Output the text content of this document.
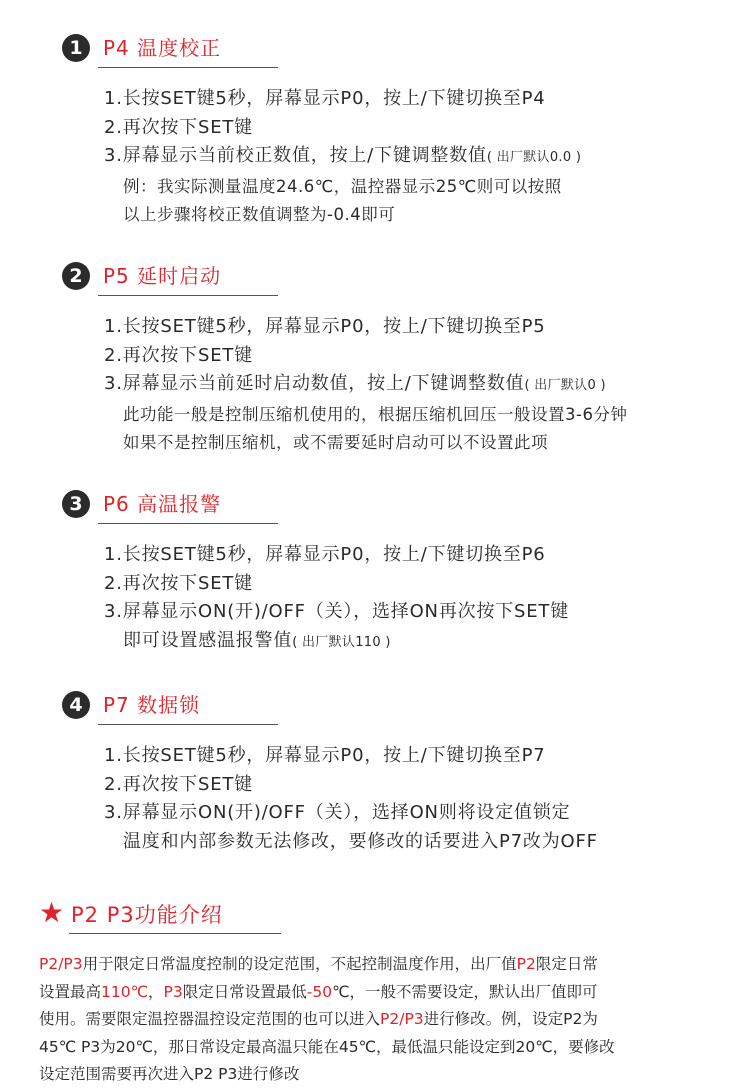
1	P4 温度校正
1.长按SET键5秒，屏幕显示P0，按上/下键切换至P4
2.再次按下SET键
3.屏幕显示当前校正数值，按上/下键调整数值( 出厂默认0.0 )
例：我实际测量温度24.6℃，温控器显示25℃则可以按照
以上步骤将校正数值调整为-0.4即可
2	P5 延时启动
1.长按SET键5秒，屏幕显示P0，按上/下键切换至P5
2.再次按下SET键
3.屏幕显示当前延时启动数值，按上/下键调整数值( 出厂默认0 )
此功能一般是控制压缩机使用的，根据压缩机回压一般设置3-6分钟
如果不是控制压缩机，或不需要延时启动可以不设置此项
3	P6 高温报警
1.长按SET键5秒，屏幕显示P0，按上/下键切换至P6
2.再次按下SET键
3.屏幕显示ON(开)/OFF（关），选择ON再次按下SET键
即可设置感温报警值( 出厂默认110 )
4	P7 数据锁
1.长按SET键5秒，屏幕显示P0，按上/下键切换至P7
2.再次按下SET键
3.屏幕显示ON(开)/OFF（关），选择ON则将设定值锁定
温度和内部参数无法修改，要修改的话要进入P7改为OFF
★ P2 P3功能介绍
P2/P3用于限定日常温度控制的设定范围，不起控制温度作用，出厂值P2限定日常
设置最高110℃，P3限定日常设置最低-50℃，一般不需要设定，默认出厂值即可
使用。需要限定温控器温控设定范围的也可以进入P2/P3进行修改。例，设定P2为
45℃ P3为20℃，那日常设定最高温只能在45℃，最低温只能设定到20℃，要修改
设定范围需要再次进入P2 P3进行修改
